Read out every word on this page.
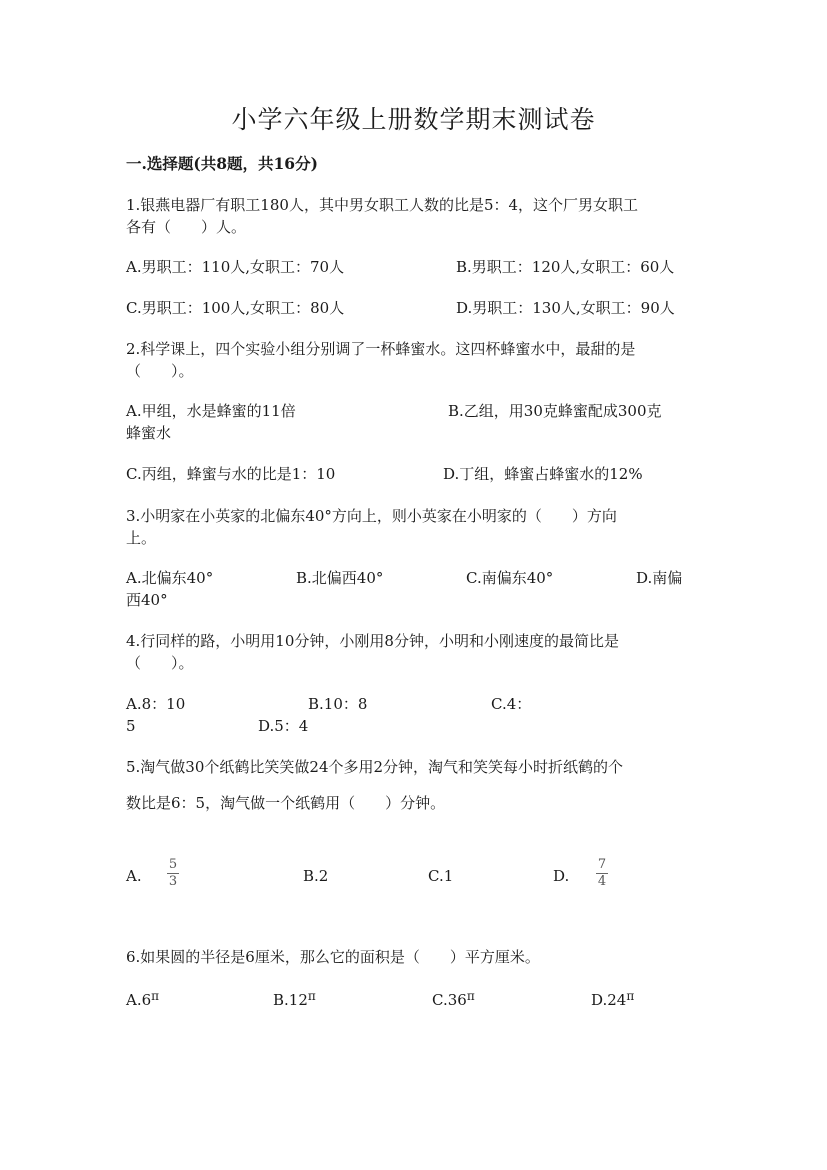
小学六年级上册数学期末测试卷
一.选择题(共8题，共16分)
1.银燕电器厂有职工180人，其中男女职工人数的比是5：4，这个厂男女职工
各有（　　）人。
A.男职工：110人,女职工：70人	B.男职工：120人,女职工：60人
C.男职工：100人,女职工：80人	D.男职工：130人,女职工：90人
2.科学课上，四个实验小组分别调了一杯蜂蜜水。这四杯蜂蜜水中，最甜的是
（　　）。
A.甲组，水是蜂蜜的11倍	B.乙组，用30克蜂蜜配成300克
蜂蜜水
C.丙组，蜂蜜与水的比是1：10	D.丁组，蜂蜜占蜂蜜水的12%
3.小明家在小英家的北偏东40°方向上，则小英家在小明家的（　　）方向
上。
A.北偏东40°	B.北偏西40°	C.南偏东40°	D.南偏
西40°
4.行同样的路，小明用10分钟，小刚用8分钟，小明和小刚速度的最简比是
（　　）。
A.8：10	B.10：8	C.4：
5	D.5：4
5.淘气做30个纸鹤比笑笑做24个多用2分钟，淘气和笑笑每小时折纸鹤的个
数比是6：5，淘气做一个纸鹤用（　　）分钟。
A.
5
3	B.2	C.1	D.
7
4
6.如果圆的半径是6厘米，那么它的面积是（　　）平方厘米。
$A.6^\pi$	$B.12^\pi$	$C.36^\pi$	$D.24^\pi$
